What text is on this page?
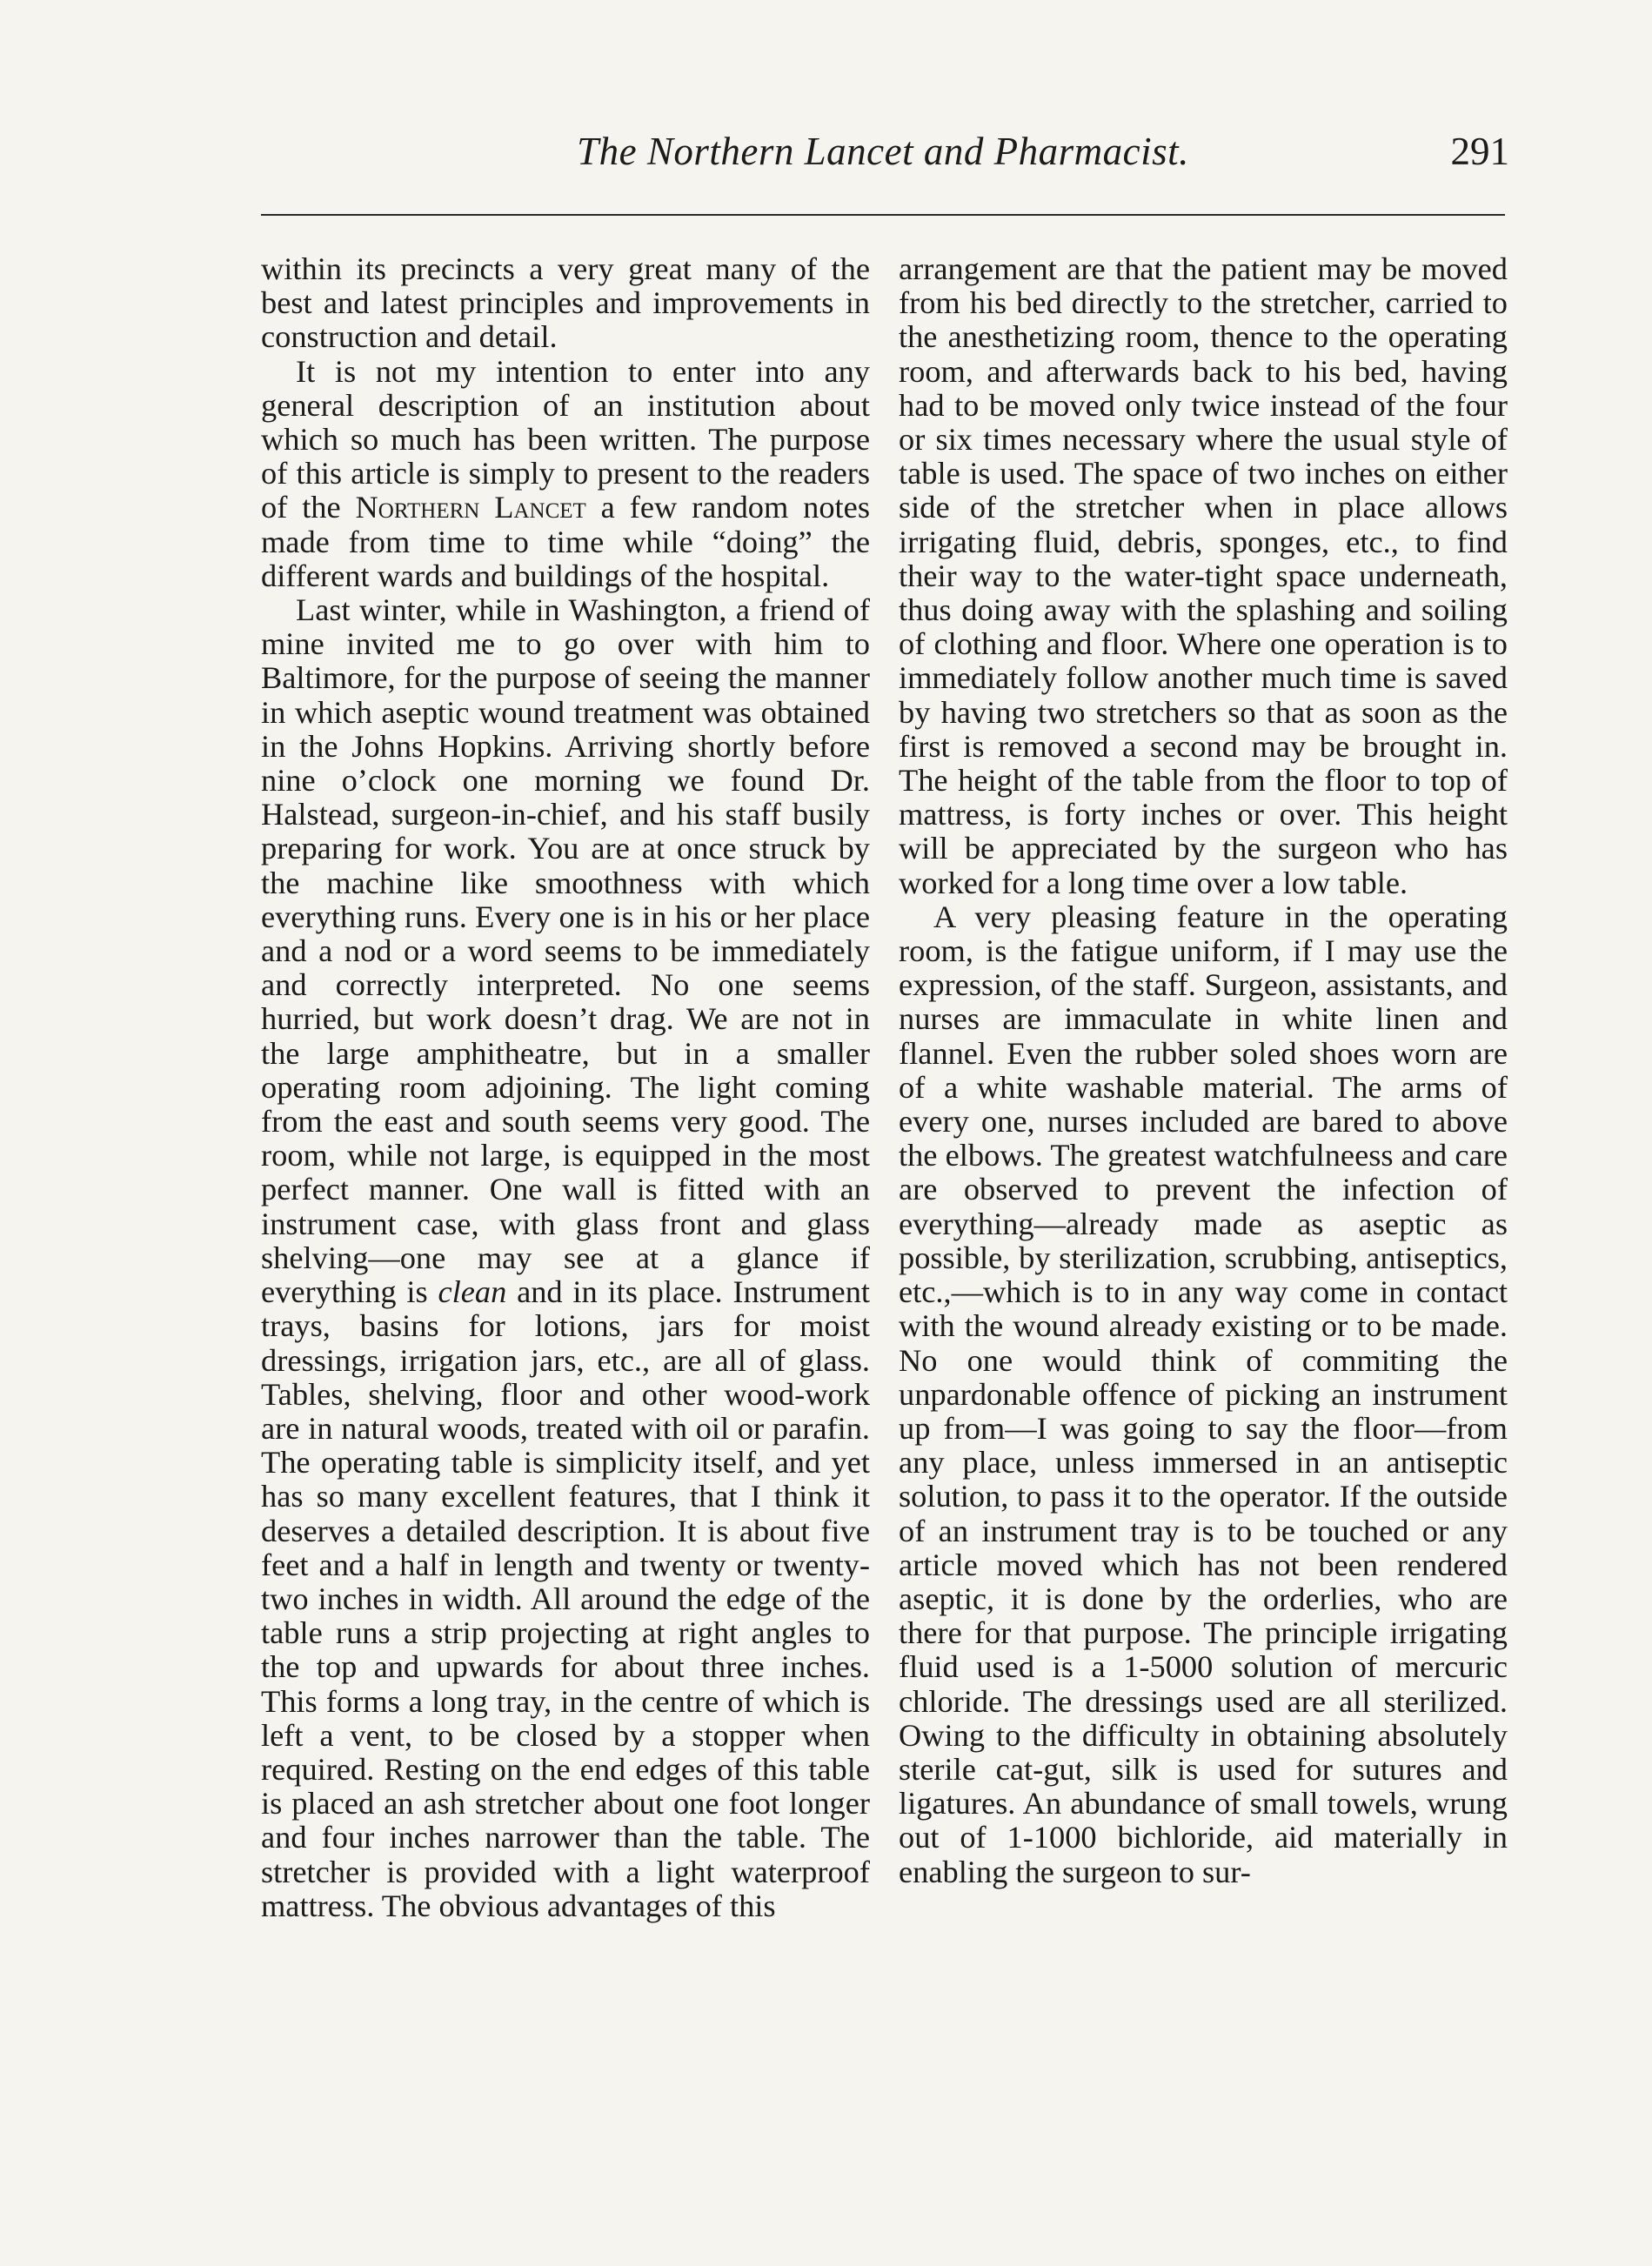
The Northern Lancet and Pharmacist.	291

within its precincts a very great many of the best and latest principles and improvements in construction and detail.

It is not my intention to enter into any general description of an institution about which so much has been written. The purpose of this article is simply to present to the readers of the Northern Lancet a few random notes made from time to time while “doing” the different wards and buildings of the hospital.

Last winter, while in Washington, a friend of mine invited me to go over with him to Baltimore, for the purpose of seeing the manner in which aseptic wound treatment was obtained in the Johns Hopkins. Arriving shortly before nine o’clock one morning we found Dr. Halstead, surgeon-in-chief, and his staff busily preparing for work. You are at once struck by the machine like smoothness with which everything runs. Every one is in his or her place and a nod or a word seems to be immediately and correctly interpreted. No one seems hurried, but work doesn’t drag. We are not in the large amphitheatre, but in a smaller operating room adjoining. The light coming from the east and south seems very good. The room, while not large, is equipped in the most perfect manner. One wall is fitted with an instrument case, with glass front and glass shelving—one may see at a glance if everything is clean and in its place. Instrument trays, basins for lotions, jars for moist dressings, irrigation jars, etc., are all of glass. Tables, shelving, floor and other wood-work are in natural woods, treated with oil or parafin. The operating table is simplicity itself, and yet has so many excellent features, that I think it deserves a detailed description. It is about five feet and a half in length and twenty or twenty-two inches in width. All around the edge of the table runs a strip projecting at right angles to the top and upwards for about three inches. This forms a long tray, in the centre of which is left a vent, to be closed by a stopper when required. Resting on the end edges of this table is placed an ash stretcher about one foot longer and four inches narrower than the table. The stretcher is provided with a light waterproof mattress. The obvious advantages of this

arrangement are that the patient may be moved from his bed directly to the stretcher, carried to the anesthetizing room, thence to the operating room, and afterwards back to his bed, having had to be moved only twice instead of the four or six times necessary where the usual style of table is used. The space of two inches on either side of the stretcher when in place allows irrigating fluid, debris, sponges, etc., to find their way to the water-tight space underneath, thus doing away with the splashing and soiling of clothing and floor. Where one operation is to immediately follow another much time is saved by having two stretchers so that as soon as the first is removed a second may be brought in. The height of the table from the floor to top of mattress, is forty inches or over. This height will be appreciated by the surgeon who has worked for a long time over a low table.

A very pleasing feature in the operating room, is the fatigue uniform, if I may use the expression, of the staff. Surgeon, assistants, and nurses are immaculate in white linen and flannel. Even the rubber soled shoes worn are of a white washable material. The arms of every one, nurses included are bared to above the elbows. The greatest watchfulneess and care are observed to prevent the infection of everything—already made as aseptic as possible, by sterilization, scrubbing, antiseptics, etc.,—which is to in any way come in contact with the wound already existing or to be made. No one would think of commiting the unpardonable offence of picking an instrument up from—I was going to say the floor—from any place, unless immersed in an antiseptic solution, to pass it to the operator. If the outside of an instrument tray is to be touched or any article moved which has not been rendered aseptic, it is done by the orderlies, who are there for that purpose. The principle irrigating fluid used is a 1-5000 solution of mercuric chloride. The dressings used are all sterilized. Owing to the difficulty in obtaining absolutely sterile cat-gut, silk is used for sutures and ligatures. An abundance of small towels, wrung out of 1-1000 bichloride, aid materially in enabling the surgeon to sur-
